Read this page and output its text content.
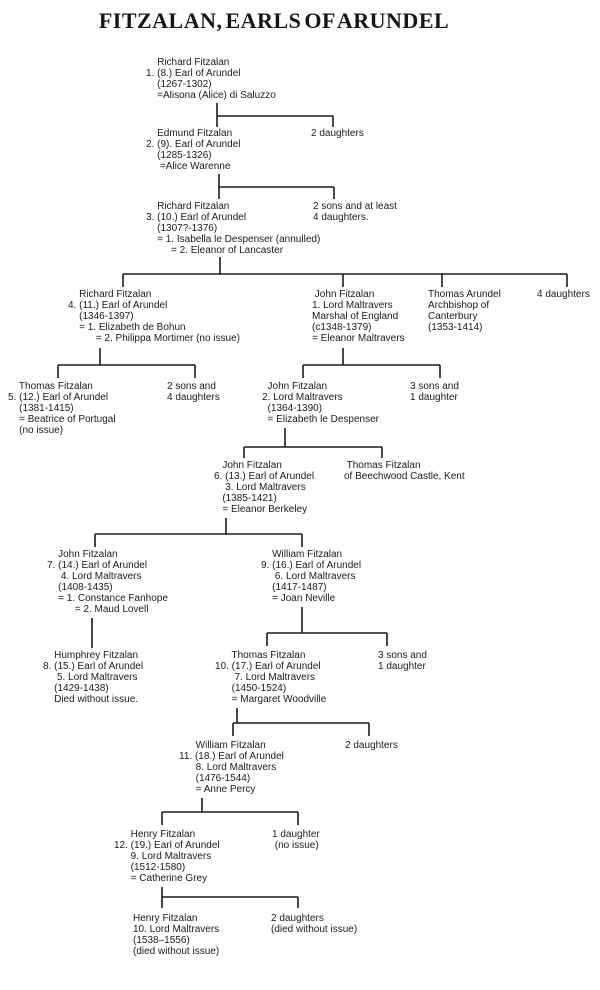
FITZALAN, EARLS OF ARUNDEL
Richard Fitzalan
1. (8.) Earl of Arundel
(1267-1302)
=Alisona (Alice) di Saluzzo
Edmund Fitzalan
2. (9). Earl of Arundel
(1285-1326)
=Alice Warenne
2 daughters
Richard Fitzalan
3. (10.) Earl of Arundel
(1307?-1376)
= 1. Isabella le Despenser (annulled)
= 2. Eleanor of Lancaster
2 sons and at least
4 daughters.
Richard Fitzalan
4. (11.) Earl of Arundel
(1346-1397)
= 1. Elizabeth de Bohun
= 2. Philippa Mortimer (no issue)
John Fitzalan
1. Lord Maltravers
Marshal of England
(c1348-1379)
= Eleanor Maltravers
Thomas Arundel
Archbishop of
Canterbury
(1353-1414)
4 daughters
Thomas Fitzalan
5. (12.) Earl of Arundel
(1381-1415)
= Beatrice of Portugal
(no issue)
2 sons and
4 daughters
John Fitzalan
2. Lord Maltravers
(1364-1390)
= Elizabeth le Despenser
3 sons and
1 daughter
John Fitzalan
6. (13.) Earl of Arundel
3. Lord Maltravers
(1385-1421)
= Eleanor Berkeley
Thomas Fitzalan
of Beechwood Castle, Kent
John Fitzalan
7. (14.) Earl of Arundel
4. Lord Maltravers
(1408-1435)
= 1. Constance Fanhope
= 2. Maud Lovell
William Fitzalan
9. (16.) Earl of Arundel
6. Lord Maltravers
(1417-1487)
= Joan Neville
Humphrey Fitzalan
8. (15.) Earl of Arundel
5. Lord Maltravers
(1429-1438)
Died without issue.
Thomas Fitzalan
10. (17.) Earl of Arundel
7. Lord Maltravers
(1450-1524)
= Margaret Woodville
3 sons and
1 daughter
William Fitzalan
11. (18.) Earl of Arundel
8. Lord Maltravers
(1476-1544)
= Anne Percy
2 daughters
Henry Fitzalan
12. (19.) Earl of Arundel
9. Lord Maltravers
(1512-1580)
= Catherine Grey
1 daughter
(no issue)
Henry Fitzalan
10. Lord Maltravers
(1538–1556)
(died without issue)
2 daughters
(died without issue)
